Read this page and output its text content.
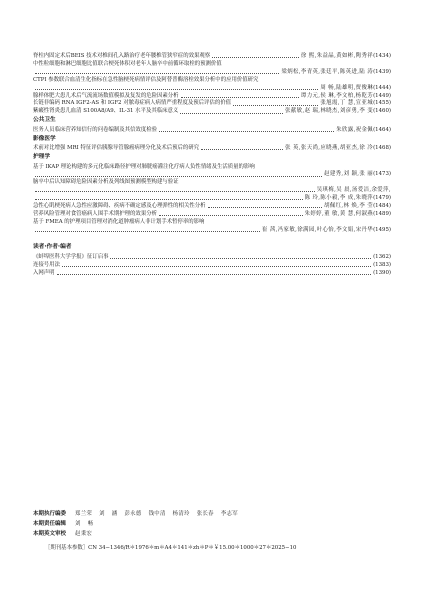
脊柱内固定术后BEIS 技术对椎间孔入路治疗老年腰椎管狭窄症的效果观察	徐 熙,朱益晶,黄如彬,陶秀祥 (1434)
中性粒细胞和淋巴细胞比值联合梗死体积对老年人脑卒中前循环取栓的预测价值
梁炳松,李青英,张廷平,陈英进,陆 涛 (1439)
CTPI 参数联合血清生化指标在急性脑梗死病情评估及阿替普酶溶栓效果分析中的应用价值研究
周 畅,陆雄明,贾俊琳 (1444)
腺样体肥大患儿术后气流流场数值模拟及复发的危险因素分析	谭力元,侯 琳,李文柏,杨乾芳 (1449)
长链非编码 RNA IGF2-AS 和 IGF2 对脓毒症病人病情严重程度及预后评估的价值	张旭霞,丁 慧,宣亚城 (1455)
紫癜性肾炎患儿血清 S100A8/A9、IL-31 水平及其临床意义	张献敏,赵 瑞,林晓杰,刘彦勇,李 变 (1460)
公共卫生
医务人员临床营养知信行的问卷编制及其信效度检验	朱欣露,祝金佩 (1464)
影像医学
术前对比增强 MRI 特征评估胰腺导管腺癌病理分化及术后预后的研究	张 英,张天尚,应晓燕,胡亚杰,徐 冷 (1468)
护理学
基于 IKAP 理论构建的多元化临床路径护理对肺胱癌灌注化疗病人负性情绪及生活质量的影响
赵建秀,刘 颖,张 丽 (1473)
脑卒中后认知障碍危险因素分析及列线图预测模型构建与验证
吴琪梅,吴 晨,汤爱洁,余爱萍,
陈 玲,陈小毅,李 成,朱晓萍 (1479)
急性心肌梗死病人急性应激障碍、疾病不确定感及心理弹性的相关性分析	胡佩红,林 焕,李 莹 (1484)
营养风险管理对食管癌病人围手术期护理的效果分析	朱婷婷,董 敏,黄 慧,何淑燕 (1489)
基于 FMEA 的护理项目管理对消化道肿瘤病人非计划手术暂停率的影响
崔 茜,冯家敏,徐满园,叶心怡,李文娟,宋丹华 (1495)
读者·作者·编者
《蚌埠医科大学学报》征订启事	(1362)
连接号用法	(1383)
入网声明	(1390)
本期执行编委	郑兰荣 刘 涵 彭永德 钱中清 杨清玲 张长春 李志军
本期责任编辑	刘 畅
本期英文审校	赵秉宏
［期刊基本参数］CN 34−1346/R＊1976＊m＊A4＊141＊zh＊P＊￥15.00＊1000＊27＊2025−10
